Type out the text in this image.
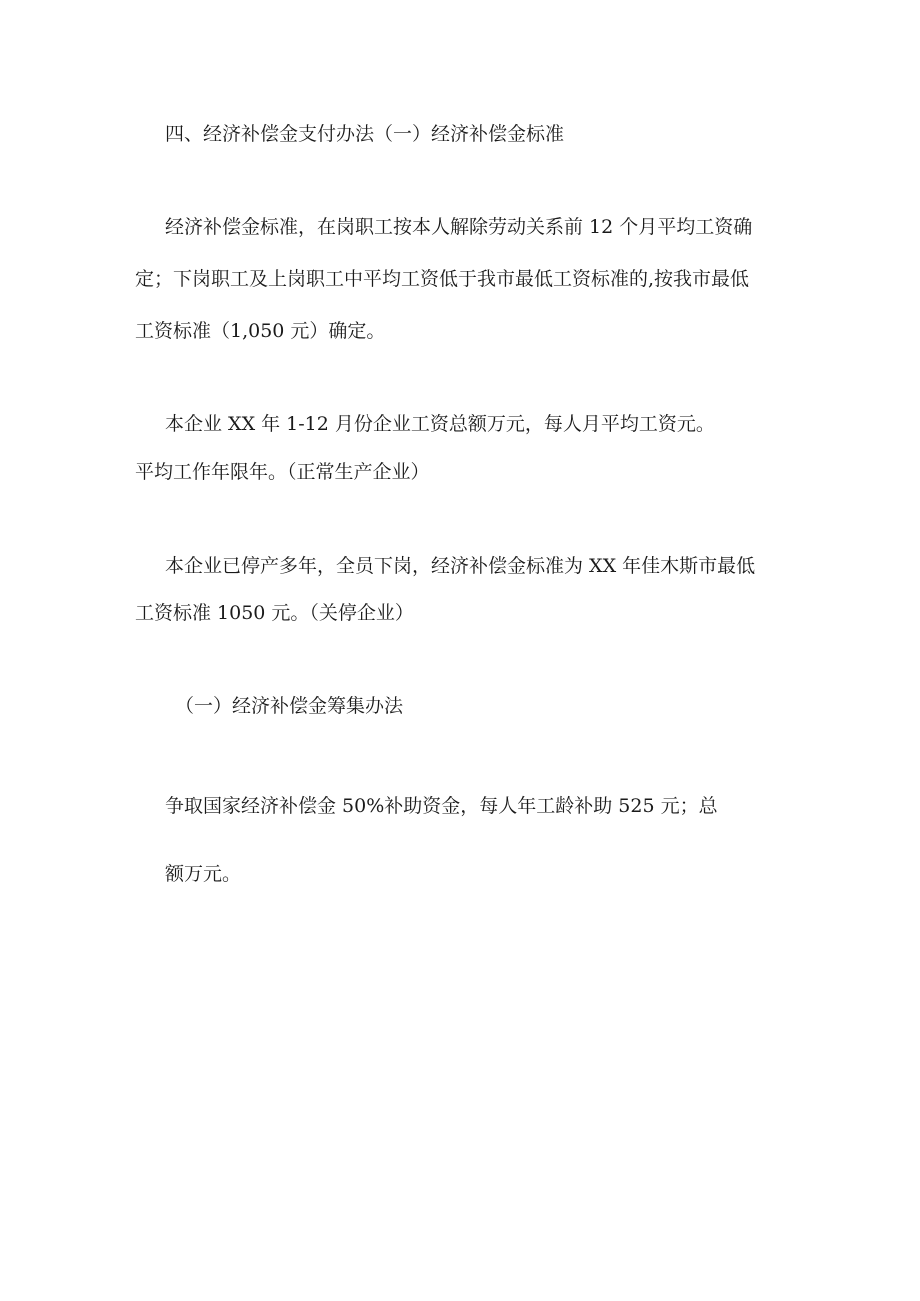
四、经济补偿金支付办法（一）经济补偿金标准
经济补偿金标准，在岗职工按本人解除劳动关系前 12 个月平均工资确
定；下岗职工及上岗职工中平均工资低于我市最低工资标准的,按我市最低
工资标准（1,050 元）确定。
本企业 XX 年 1-12 月份企业工资总额万元，每人月平均工资元。
平均工作年限年。（正常生产企业）
本企业已停产多年，全员下岗，经济补偿金标准为 XX 年佳木斯市最低
工资标准 1050 元。（关停企业）
（一）经济补偿金筹集办法
争取国家经济补偿金 50%补助资金，每人年工龄补助 525 元；总
额万元。
